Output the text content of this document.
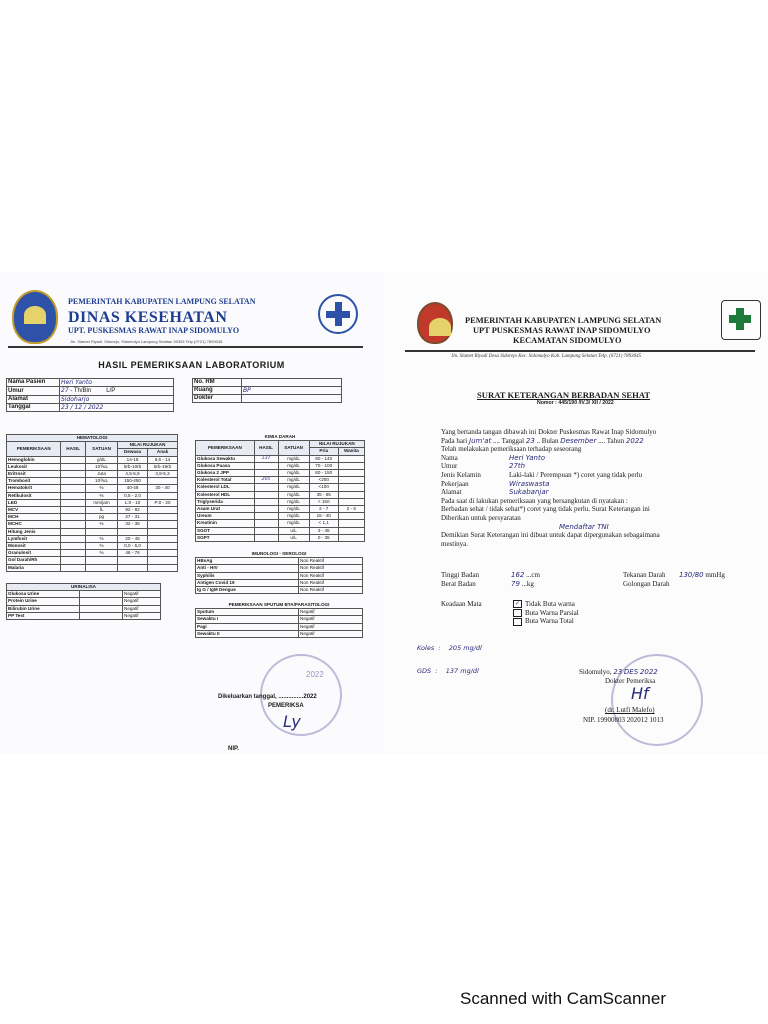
PEMERINTAH KABUPATEN LAMPUNG SELATAN
DINAS KESEHATAN
UPT. PUSKESMAS RAWAT INAP SIDOMULYO
Jln. Slamet Riyadi, Sidorejo, Sidomulyo Lampung Selatan 35353 Telp (0721) 7893045
HASIL PEMERIKSAAN LABORATORIUM
Nama Pasien	Heri Yanto
Umur	27 - Th/Bln L/P
Alamat	Sidoharjo
Tanggal	23 / 12 / 2022
No. RM	
Ruang	BP
Dokter	
HEMATOLOGI				
PEMERIKSAAN	HASIL	SATUAN	NILAI RUJUKAN	
			Dewasa	Anak
Hemoglobin		g/dL	14-18	9,5 - 14
Leukosit		10³/uL	5rb-10rb	5rb-19rb
Eritrosit		Juta	4,5-5,5	3,9-5,3
Trombosit		10³/uL	150-450	
Hematokrit		%	40-48	30 - 40
Retikulosit		%	0,5 - 2,0	
LED		mm/jam	L:0 - 10	P:0 - 20
MCV		fL	92 - 92	
MCH		pg	27 - 31	
MCHC		%	32 - 36	
Hitung Jenis				
Lymfosit		%	20 - 45	
Monosit		%	0,0 - 5,0	
Granulosit		%	46 - 76	
Gol Darah/Rh				
Malaria				
URINALISA		
Glukosa Urine		Negatif
Protein Urine		Negatif
Bilirubin Urine		Negatif
PP Test		Negatif
KIMIA DARAH				
PEMERIKSAAN	HASIL	SATUAN	NILAI RUJUKAN	
			Pria	Wanita
Glukosa Sewaktu	137	mg/dL	80 - 140	
Glukosa Puasa		mg/dL	70 - 100	
Glukosa 2 JPP		mg/dL	80 - 150	
Kolesterol Total	205	mg/dL	<200	
Kolesterol LDL		mg/dL	<100	
Kolesterol HDL		mg/dL	35 - 65	
Triglyserida		mg/dL	< 150	
Asam Urat		mg/dL	2 - 7	2 - 6
Ureum		mg/dL	15 - 40	
Kreatinin		mg/dL	< 1,1	
SGOT		u/L	3 - 45	
SGPT		u/L	0 - 35	
IMUNOLOGI - SEROLOGI	
HBsAg	Non Reaktif
Anti - HIV	Non Reaktif
Syphilis	Non Reaktif
Antigen Covid 19	Non Reaktif
Ig G / IgM Dengue	Non Reaktif
PEMERIKSAAN SPUTUM BTA/PARASITOLOGI	
Sputum	Negatif
Sewaktu I	Negatif
Pagi	Negatif
Sewaktu II	Negatif
2022
Dikeluarkan tanggal, ...............2022
PEMERIKSA
Ly
NIP.
PEMERINTAH KABUPATEN LAMPUNG SELATAN
UPT PUSKESMAS RAWAT INAP SIDOMULYO
KECAMATAN SIDOMULYO
Jln. Slamet Riyadi Desa Sidorejo Kec. Sidomulyo Kab. Lampung Selatan Telp. (0721) 7893045
SURAT KETERANGAN BERBADAN SEHAT
Nomor : 445/190 /IV.3/ XII / 2022
Yang bertanda tangan dibawah ini Dokter Puskesmas Rawat Inap Sidomulyo
Pada hari Jum'at .... Tanggal 23 .. Bulan Desember .... Tahun 2022
Telah melakukan pemeriksaan terhadap seseorang
Nama	Heri Yanto
Umur	27th
Jenis Kelamin	Laki-laki / Perempuan *) coret yang tidak perlu
Pekerjaan	Wiraswasta
Alamat	Sukabanjar
Pada saat di lakukan pemeriksaan yang bersangkutan di nyatakan :
Berbadan sehat / tidak sehat*) coret yang tidak perlu. Surat Keterangan ini
Diberikan untuk persyaratan
Mendaftar TNI
Demikian Surat Keterangan ini dibuat untuk dapat dipergunakan sebagaimana
mestinya.
Tinggi Badan	162 ...cm	Tekanan Darah 130/80 mmHg
Berat Badan	79 ...kg	Golongan Darah
Keadaan Mata	✓ Tidak Buta warna
Buta Warna Parsial
Buta Warna Total
Koles  :    205 mg/dl
GDS  :    137 mg/dl	Sidomulyo, 23 DES 2022
Dokter Pemeriksa
Hf
(dr. Lutfi Malefo)
NIP. 19900803 202012 1013
Scanned with CamScanner
